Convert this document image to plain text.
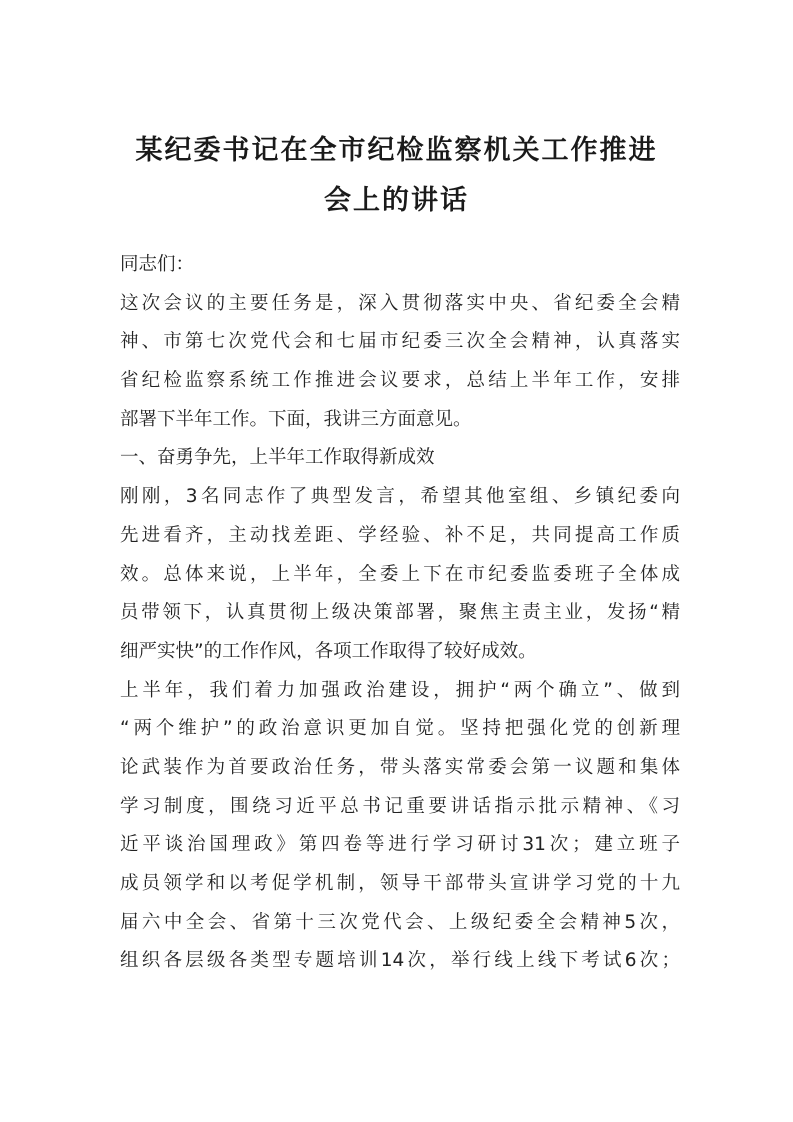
某纪委书记在全市纪检监察机关工作推进
会上的讲话
同志们：
这次会议的主要任务是，深入贯彻落实中央、省纪委全会精
神、市第七次党代会和七届市纪委三次全会精神，认真落实
省纪检监察系统工作推进会议要求，总结上半年工作，安排
部署下半年工作。下面，我讲三方面意见。
一、奋勇争先，上半年工作取得新成效
刚刚，3名同志作了典型发言，希望其他室组、乡镇纪委向
先进看齐，主动找差距、学经验、补不足，共同提高工作质
效。总体来说，上半年，全委上下在市纪委监委班子全体成
员带领下，认真贯彻上级决策部署，聚焦主责主业，发扬“精
细严实快”的工作作风，各项工作取得了较好成效。
上半年，我们着力加强政治建设，拥护“两个确立”、做到
“两个维护”的政治意识更加自觉。坚持把强化党的创新理
论武装作为首要政治任务，带头落实常委会第一议题和集体
学习制度，围绕习近平总书记重要讲话指示批示精神、《习
近平谈治国理政》第四卷等进行学习研讨31次；建立班子
成员领学和以考促学机制，领导干部带头宣讲学习党的十九
届六中全会、省第十三次党代会、上级纪委全会精神5次，
组织各层级各类型专题培训14次，举行线上线下考试6次；
